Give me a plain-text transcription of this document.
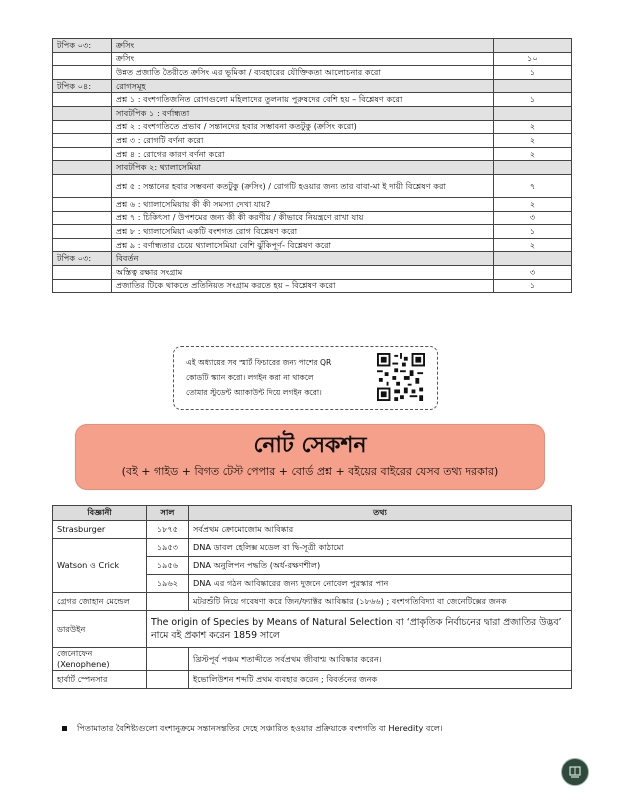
টপিক ০৩:	ক্রসিং	
	ক্রসিং	১০
	উন্নত প্রজাতি তৈরীতে ক্রসিং এর ভূমিকা / ব্যবহারের যৌক্তিকতা আলোচনার করো	১
টপিক ০৪:	রোগসমূহ	
	প্রশ্ন ১ : বংশগতিজনিত রোগগুলো মহিলাদের তুলনায় পুরুষদের বেশি হয় – বিশ্লেষণ করো	১
	সাবটপিক ১ : বর্ণান্ধতা	
	প্রশ্ন ২ : বংশগতিতে প্রভাব / সন্তানদের হবার সম্ভাবনা কতটুকু (ক্রসিং করো)	২
	প্রশ্ন ৩ : রোগটি বর্ণনা করো	২
	প্রশ্ন ৪ : রোগের কারণ বর্ণনা করো	২
	সাবটপিক ২: থ্যালাসেমিয়া	
	প্রশ্ন ৫ : সন্তানের হবার সম্ভবনা কতটুকু (ক্রসিং) / রোগটি হওয়ার জন্য তার বাবা-মা ই দায়ী বিশ্লেষণ করা	৭
	প্রশ্ন ৬ : থ্যালাসেমিয়ায় কী কী সমস্যা দেখা যায়?	২
	প্রশ্ন ৭ : চিকিৎসা / উপশমের জন্য কী কী করণীয় / কীভাবে নিয়ন্ত্রণে রাখা যায়	৩
	প্রশ্ন ৮ : থ্যালাসেমিয়া একটি বংশগত রোগ বিশ্লেষণ করো	১
	প্রশ্ন ৯ : বর্ণান্ধতার চেয়ে থ্যালাসেমিয়া বেশি ঝুঁকিপূর্ণ- বিশ্লেষণ করো	২
টপিক ০৩:	বিবর্তন	
	অস্তিত্ব রক্ষার সংগ্রাম	৩
	প্রজাতির টিকে থাকতে প্রতিনিয়ত সংগ্রাম করতে হয় – বিশ্লেষণ করো	১
এই অধ্যায়ের সব স্মার্ট ফিচারের জন্য পাশের QR
কোডটি স্ক্যান করো। লগইন করা না থাকলে
তোমার স্টুডেন্ট অ্যাকাউন্ট দিয়ে লগইন করো।
নোট সেকশন
(বই + গাইড + বিগত টেস্ট পেপার + বোর্ড প্রশ্ন + বইয়ের বাইরের যেসব তথ্য দরকার)
বিজ্ঞানী	সাল	তথ্য
Strasburger	১৮৭৫	সর্বপ্রথম ক্রোমোজোম আবিষ্কার
Watson ও Crick	১৯৫৩	DNA ডাবল হেলিক্স মডেল বা দ্বি-সূত্রী কাঠামো
	১৯৫৬	DNA অনুলিপন পদ্ধতি (অর্ধ-রক্ষণশীল)
	১৯৬২	DNA এর গঠন আবিষ্কারের জন্য দুজনে নোবেল পুরস্কার পান
গ্রেগর জোহান মেন্ডেল		মটরশুঁটি নিয়ে গবেষণা করে জিন/ফ্যাক্টর আবিষ্কার (১৮৬৬) ; বংশগতিবিদ্যা বা জেনেটিক্সের জনক
ডারউইন	The origin of Species by Means of Natural Selection বা ‘প্রাকৃতিক নির্বাচনের দ্বারা প্রজাতির উদ্ভব’ নামে বই প্রকাশ করেন 1859 সালে	
জেনোফেন (Xenophene)		খ্রিস্টপূর্ব পঞ্চম শতাব্দীতে সর্বপ্রথম জীবাশ্ম আবিষ্কার করেন।
হার্বার্ট স্পেনসার		ইভোলিউশন শব্দটি প্রথম ব্যবহার করেন ; বিবর্তনের জনক
পিতামাতার বৈশিষ্ট্যগুলো বংশানুক্রমে সন্তানসন্ততির দেহে সঞ্চারিত হওয়ার প্রক্রিয়াকে বংশগতি বা Heredity বলে।
